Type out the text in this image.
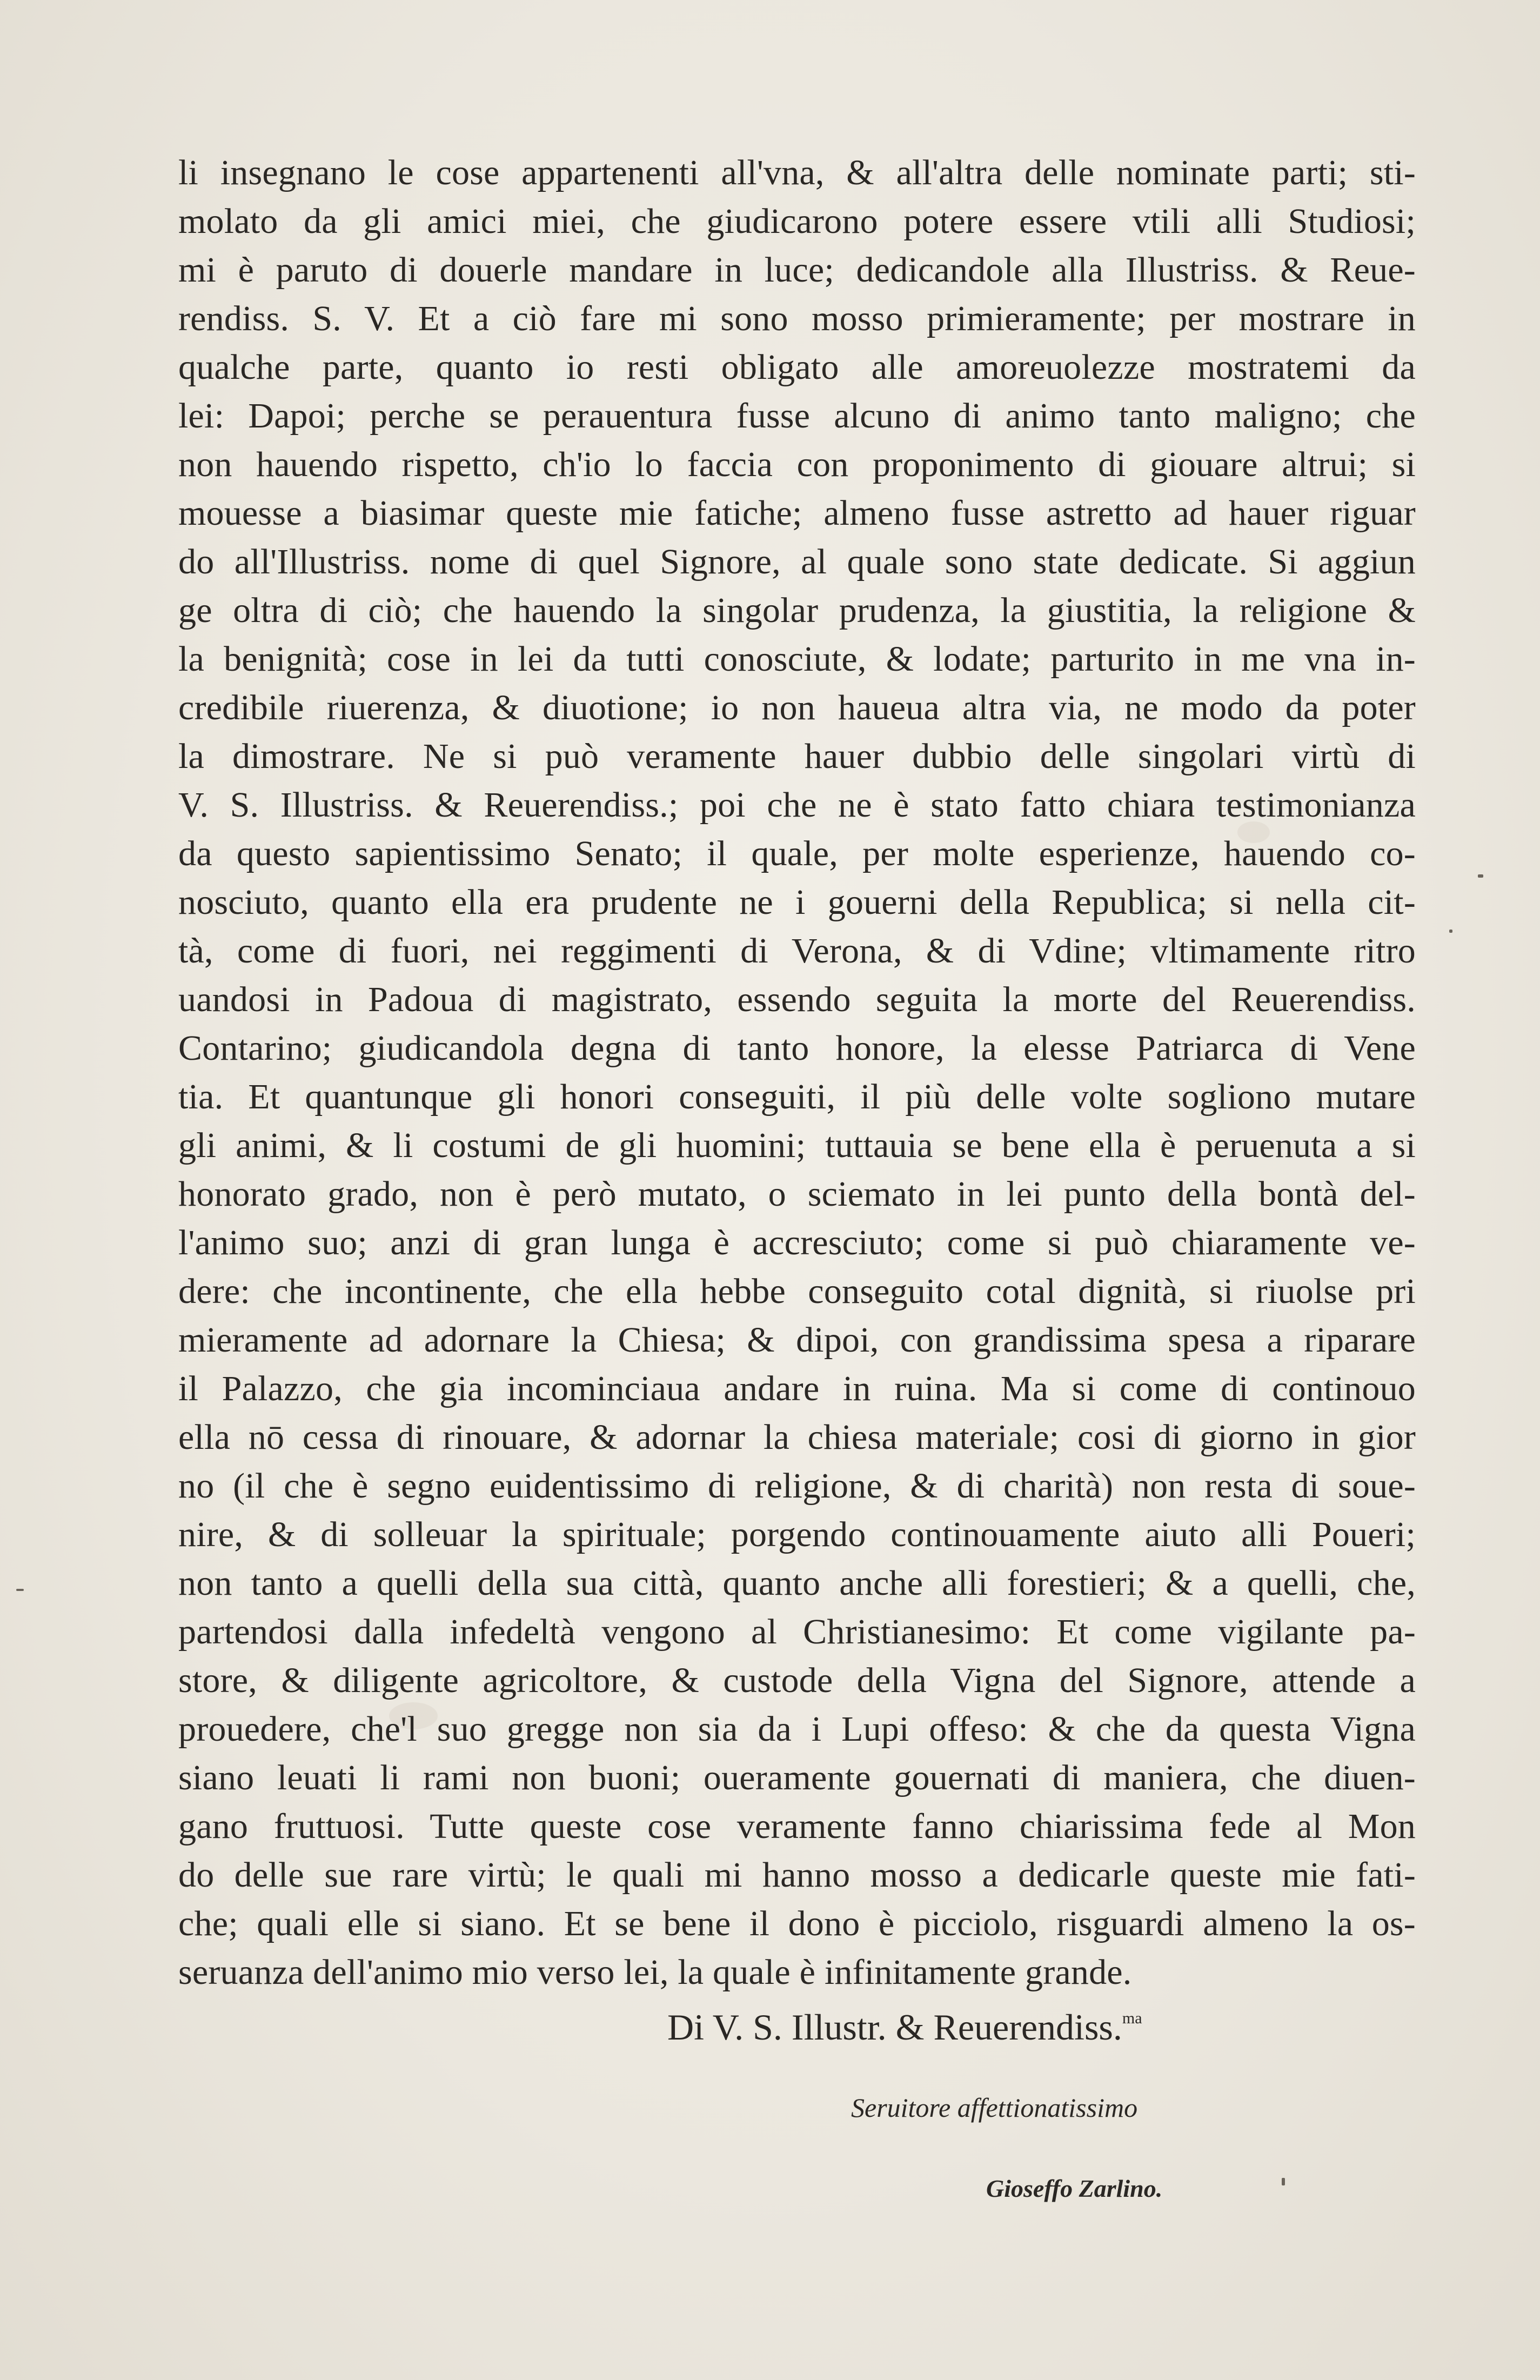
li insegnano le cose appartenenti all'vna, & all'altra delle nominate parti; sti-
molato da gli amici miei, che giudicarono potere essere vtili alli Studiosi;
mi è paruto di douerle mandare in luce; dedicandole alla Illustriss. & Reue-
rendiss. S. V. Et a ciò fare mi sono mosso primieramente; per mostrare in
qualche parte, quanto io resti obligato alle amoreuolezze mostratemi da
lei: Dapoi; perche se perauentura fusse alcuno di animo tanto maligno; che
non hauendo rispetto, ch'io lo faccia con proponimento di giouare altrui; si
mouesse a biasimar queste mie fatiche; almeno fusse astretto ad hauer riguar
do all'Illustriss. nome di quel Signore, al quale sono state dedicate. Si aggiun
ge oltra di ciò; che hauendo la singolar prudenza, la giustitia, la religione &
la benignità; cose in lei da tutti conosciute, & lodate; parturito in me vna in-
credibile riuerenza, & diuotione; io non haueua altra via, ne modo da poter
la dimostrare. Ne si può veramente hauer dubbio delle singolari virtù di
V. S. Illustriss. & Reuerendiss.; poi che ne è stato fatto chiara testimonianza
da questo sapientissimo Senato; il quale, per molte esperienze, hauendo co-
nosciuto, quanto ella era prudente ne i gouerni della Republica; si nella cit-
tà, come di fuori, nei reggimenti di Verona, & di Vdine; vltimamente ritro
uandosi in Padoua di magistrato, essendo seguita la morte del Reuerendiss.
Contarino; giudicandola degna di tanto honore, la elesse Patriarca di Vene
tia. Et quantunque gli honori conseguiti, il più delle volte sogliono mutare
gli animi, & li costumi de gli huomini; tuttauia se bene ella è peruenuta a si
honorato grado, non è però mutato, o sciemato in lei punto della bontà del-
l'animo suo; anzi di gran lunga è accresciuto; come si può chiaramente ve-
dere: che incontinente, che ella hebbe conseguito cotal dignità, si riuolse pri
mieramente ad adornare la Chiesa; & dipoi, con grandissima spesa a riparare
il Palazzo, che gia incominciaua andare in ruina. Ma si come di continouo
ella nō cessa di rinouare, & adornar la chiesa materiale; cosi di giorno in gior
no (il che è segno euidentissimo di religione, & di charità) non resta di soue-
nire, & di solleuar la spirituale; porgendo continouamente aiuto alli Poueri;
non tanto a quelli della sua città, quanto anche alli forestieri; & a quelli, che,
partendosi dalla infedeltà vengono al Christianesimo: Et come vigilante pa-
store, & diligente agricoltore, & custode della Vigna del Signore, attende a
prouedere, che'l suo gregge non sia da i Lupi offeso: & che da questa Vigna
siano leuati li rami non buoni; oueramente gouernati di maniera, che diuen-
gano fruttuosi. Tutte queste cose veramente fanno chiarissima fede al Mon
do delle sue rare virtù; le quali mi hanno mosso a dedicarle queste mie fati-
che; quali elle si siano. Et se bene il dono è picciolo, risguardi almeno la os-
seruanza dell'animo mio verso lei, la quale è infinitamente grande.
Di V. S. Illustr. & Reuerendiss.$^{ma}$
Seruitore affettionatissimo
Gioseffo Zarlino.
